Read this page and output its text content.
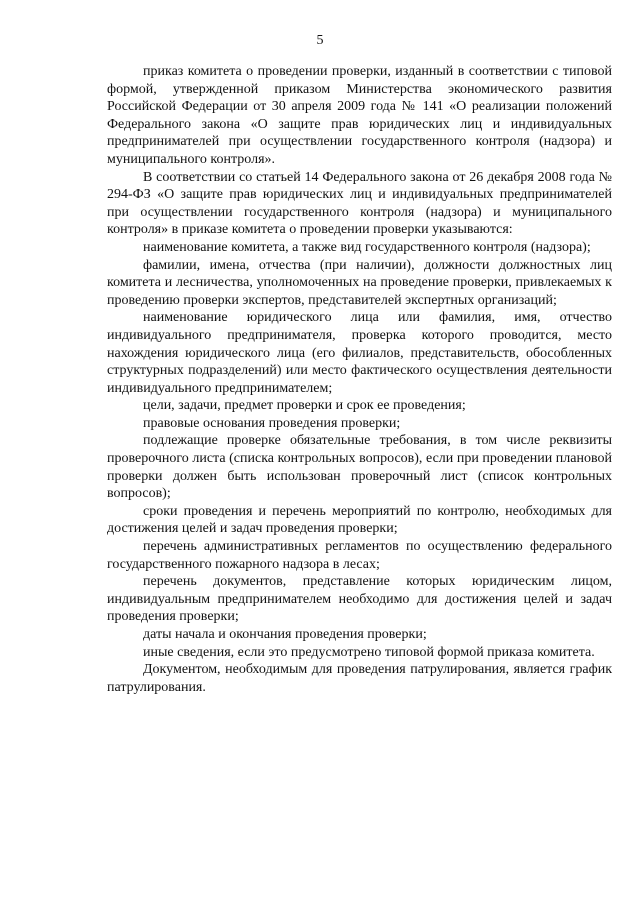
5

приказ комитета о проведении проверки, изданный в соответствии с типовой формой, утвержденной приказом Министерства экономического развития Российской Федерации от 30 апреля 2009 года № 141 «О реализации положений Федерального закона «О защите прав юридических лиц и индивидуальных предпринимателей при осуществлении государственного контроля (надзора) и муниципального контроля».

В соответствии со статьей 14 Федерального закона от 26 декабря 2008 года № 294-ФЗ «О защите прав юридических лиц и индивидуальных предпринимателей при осуществлении государственного контроля (надзора) и муниципального контроля» в приказе комитета о проведении проверки указываются:

наименование комитета, а также вид государственного контроля (надзора);

фамилии, имена, отчества (при наличии), должности должностных лиц комитета и лесничества, уполномоченных на проведение проверки, привлекаемых к проведению проверки экспертов, представителей экспертных организаций;

наименование юридического лица или фамилия, имя, отчество индивидуального предпринимателя, проверка которого проводится, место нахождения юридического лица (его филиалов, представительств, обособленных структурных подразделений) или место фактического осуществления деятельности индивидуального предпринимателем;

цели, задачи, предмет проверки и срок ее проведения;

правовые основания проведения проверки;

подлежащие проверке обязательные требования, в том числе реквизиты проверочного листа (списка контрольных вопросов), если при проведении плановой проверки должен быть использован проверочный лист (список контрольных вопросов);

сроки проведения и перечень мероприятий по контролю, необходимых для достижения целей и задач проведения проверки;

перечень административных регламентов по осуществлению федерального государственного пожарного надзора в лесах;

перечень документов, представление которых юридическим лицом, индивидуальным предпринимателем необходимо для достижения целей и задач проведения проверки;

даты начала и окончания проведения проверки;

иные сведения, если это предусмотрено типовой формой приказа комитета.

Документом, необходимым для проведения патрулирования, является график патрулирования.
